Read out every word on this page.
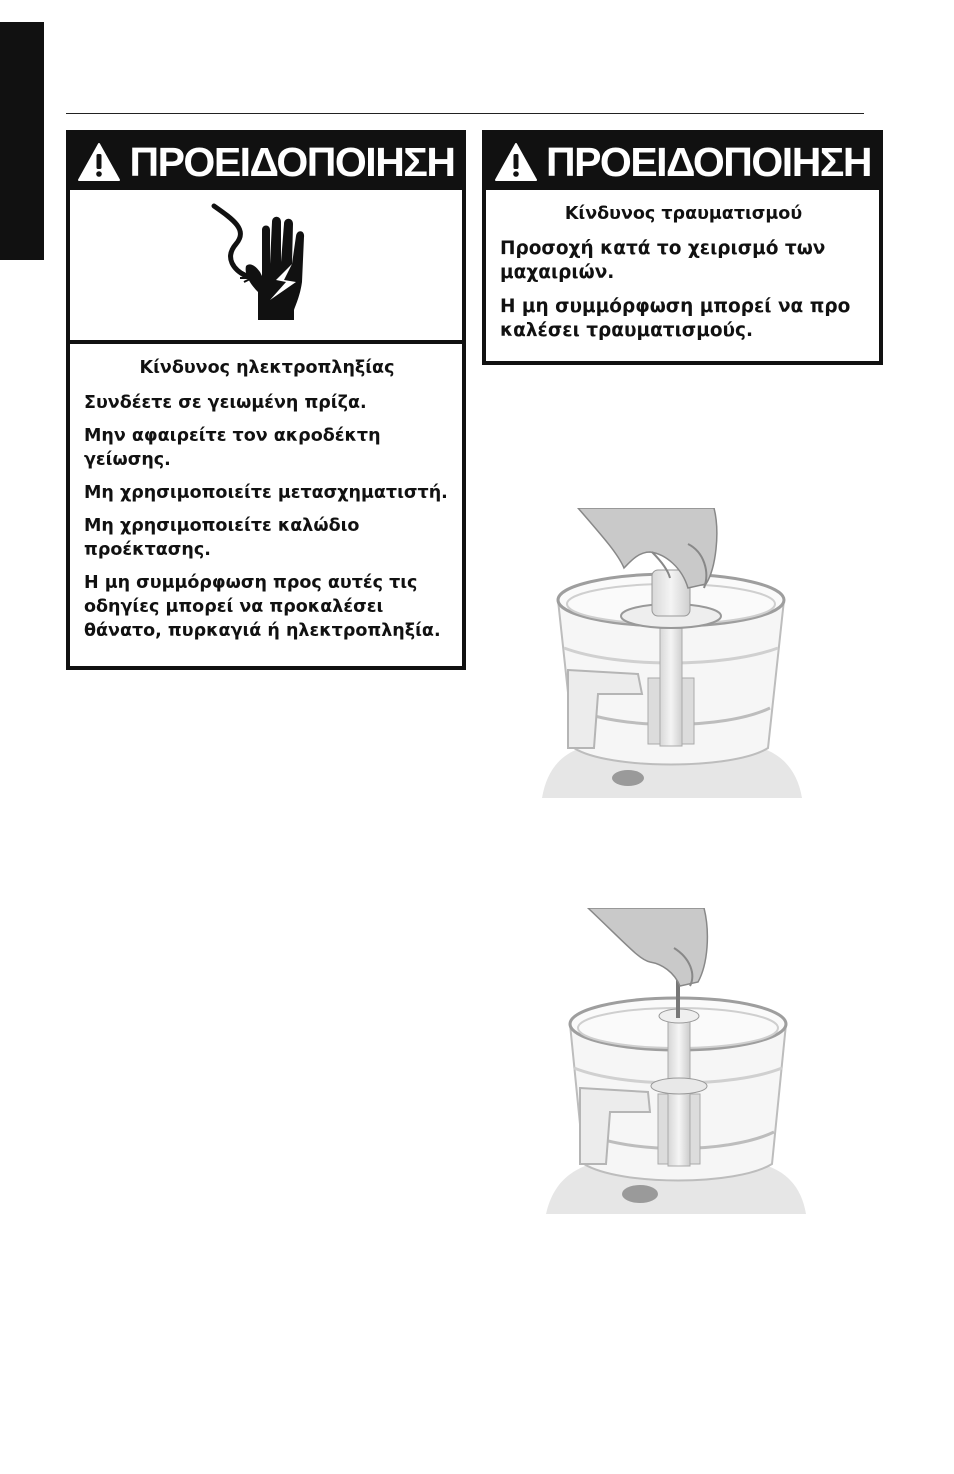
ΠΡΟΕΙΔΟΠΟΙΗΣΗ
Κίνδυνος ηλεκτροπληξίας

Συνδέετε σε γειωμένη πρίζα.

Μην αφαιρείτε τον ακροδέκτη γείωσης.

Μη χρησιμοποιείτε μετασχηματιστή.

Μη χρησιμοποιείτε καλώδιο προέκτασης.

Η μη συμμόρφωση προς αυτές τις οδηγίες μπορεί να προκαλέσει θάνατο, πυρκαγιά ή ηλεκτροπληξία.

ΠΡΟΕΙΔΟΠΟΙΗΣΗ
Κίνδυνος τραυματισμού

Προσοχή κατά το χειρισμό των μαχαιριών.

Η μη συμμόρφωση μπορεί να προ καλέσει τραυματισμούς.
